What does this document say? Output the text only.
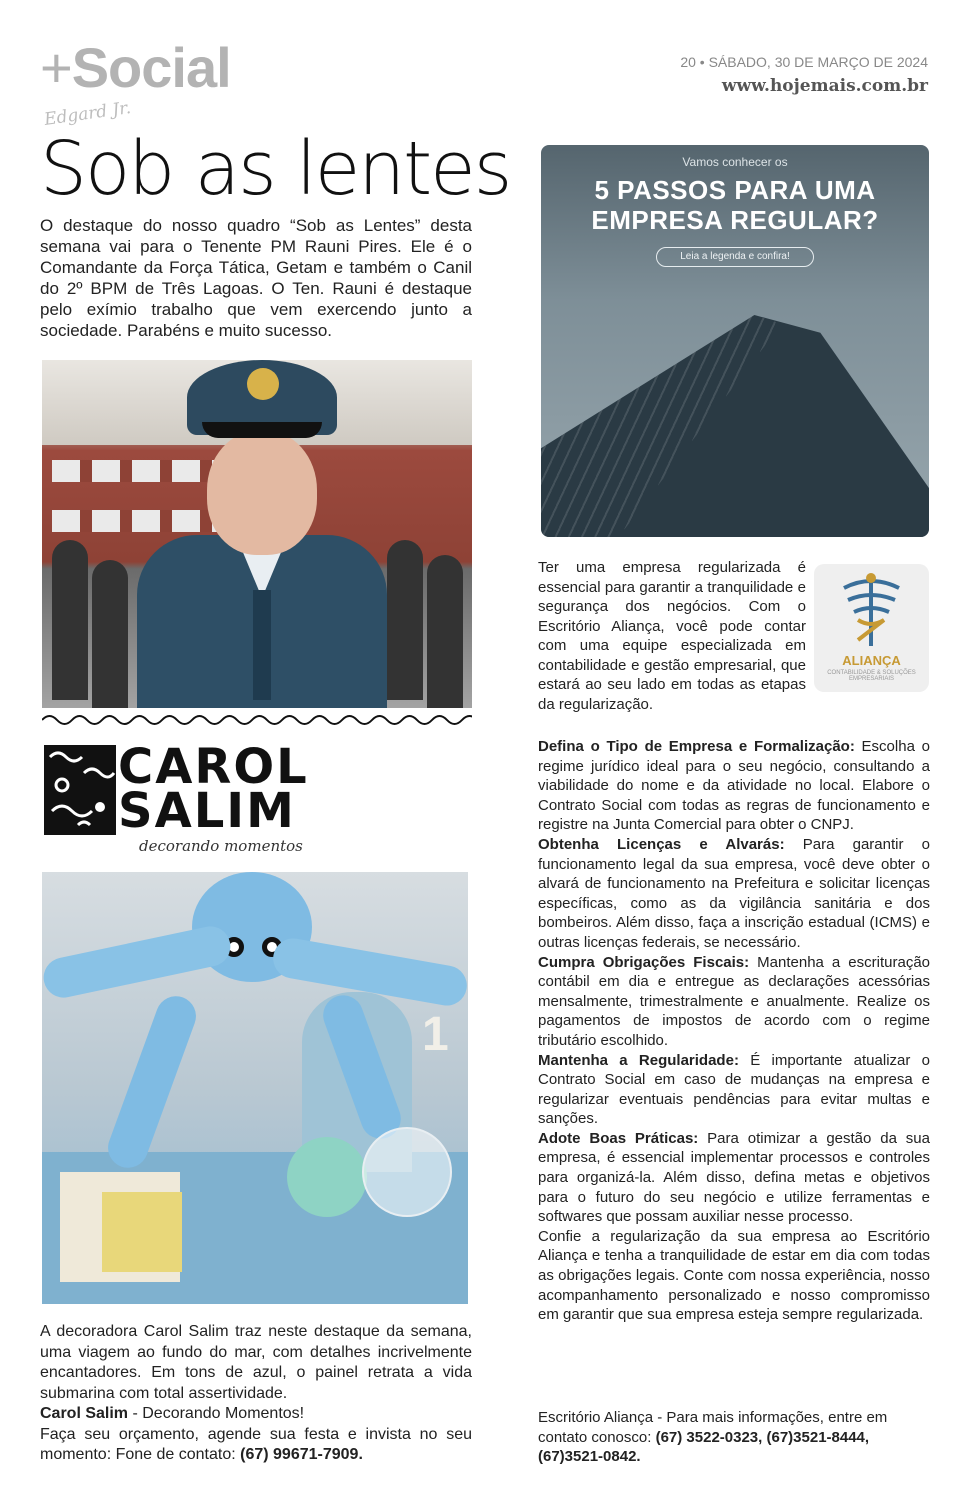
+Social	20 • SÁBADO, 30 DE MARÇO DE 2024
www.hojemais.com.br
Edgard Jr.
Sob as lentes

O destaque do nosso quadro “Sob as Lentes” desta semana vai para o Tenente PM Rauni Pires. Ele é o Comandante da Força Tática, Getam e também o Canil do 2º BPM de Três Lagoas. O Ten. Rauni é destaque pelo exímio trabalho que vem exercendo junto a sociedade. Parabéns e muito sucesso.

CAROL
SALIM
decorando momentos
1
A decoradora Carol Salim traz neste destaque da semana, uma viagem ao fundo do mar, com detalhes incrivelmente encantadores. Em tons de azul, o painel retrata a vida submarina com total assertividade.
Carol Salim - Decorando Momentos!
Faça seu orçamento, agende sua festa e invista no seu momento: Fone de contato: (67) 99671-7909.
Vamos conhecer os
5 PASSOS PARA UMA
EMPRESA REGULAR?
Leia a legenda e confira!

Ter uma empresa regularizada é essencial para garantir a tranquilidade e segurança dos negócios. Com o Escritório Aliança, você pode contar com uma equipe especializada em contabilidade e gestão empresarial, que estará ao seu lado em todas as etapas da regularização.

ALIANÇA
CONTABILIDADE & SOLUÇÕES EMPRESARIAIS

Defina o Tipo de Empresa e Formalização: Escolha o regime jurídico ideal para o seu negócio, consultando a viabilidade do nome e da atividade no local. Elabore o Contrato Social com todas as regras de funcionamento e registre na Junta Comercial para obter o CNPJ.

Obtenha Licenças e Alvarás: Para garantir o funcionamento legal da sua empresa, você deve obter o alvará de funcionamento na Prefeitura e solicitar licenças específicas, como as da vigilância sanitária e dos bombeiros. Além disso, faça a inscrição estadual (ICMS) e outras licenças federais, se necessário.

Cumpra Obrigações Fiscais: Mantenha a escrituração contábil em dia e entregue as declarações acessórias mensalmente, trimestralmente e anualmente. Realize os pagamentos de impostos de acordo com o regime tributário escolhido.

Mantenha a Regularidade: É importante atualizar o Contrato Social em caso de mudanças na empresa e regularizar eventuais pendências para evitar multas e sanções.

Adote Boas Práticas: Para otimizar a gestão da sua empresa, é essencial implementar processos e controles para organizá-la. Além disso, defina metas e objetivos para o futuro do seu negócio e utilize ferramentas e softwares que possam auxiliar nesse processo.

Confie a regularização da sua empresa ao Escritório Aliança e tenha a tranquilidade de estar em dia com todas as obrigações legais. Conte com nossa experiência, nosso acompanhamento personalizado e nosso compromisso em garantir que sua empresa esteja sempre regularizada.

Escritório Aliança - Para mais informações, entre em contato conosco: (67) 3522-0323, (67)3521-8444, (67)3521-0842.
